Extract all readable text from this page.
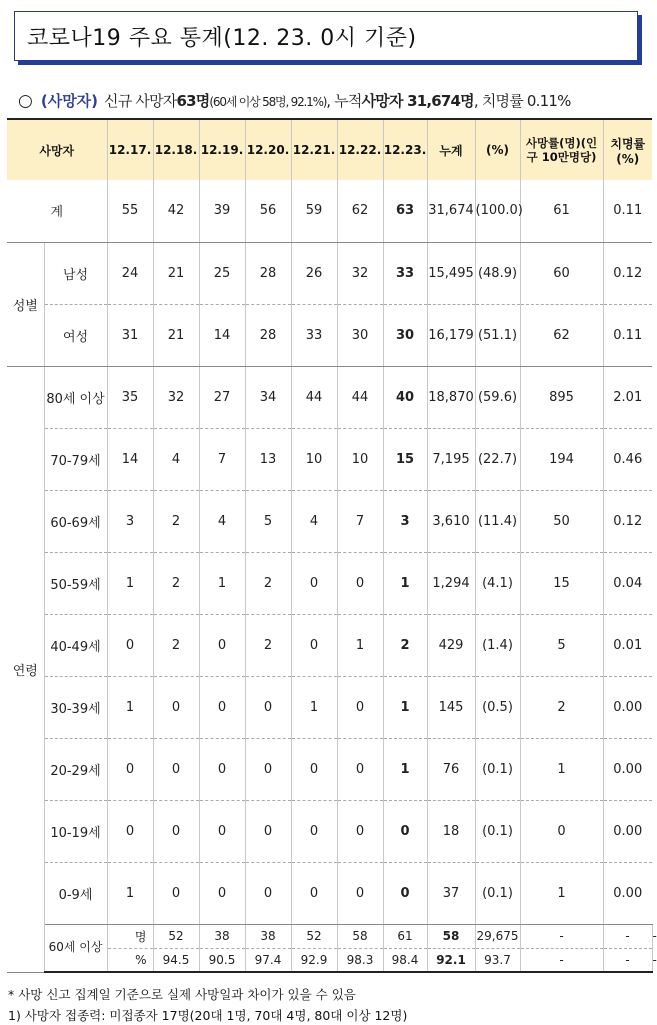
코로나19 주요 통계(12. 23. 0시 기준)
○ (사망자) 신규 사망자 63명 (60세 이상 58명, 92.1%) , 누적 사망자 31,674명 , 치명률 0.11%
사망자		12.17.	12.18.	12.19.	12.20.	12.21.	12.22.	12.23.	누계	(%)	사망률(명)(인구 10만명당)	치명률(%)	
계		55	42	39	56	59	62	63	31,674	(100.0)	61	0.11	
성별	남성	24	21	25	28	26	32	33	15,495	(48.9)	60	0.12	
	여성	31	21	14	28	33	30	30	16,179	(51.1)	62	0.11	
연령	80세 이상	35	32	27	34	44	44	40	18,870	(59.6)	895	2.01	
	70-79세	14	4	7	13	10	10	15	7,195	(22.7)	194	0.46	
	60-69세	3	2	4	5	4	7	3	3,610	(11.4)	50	0.12	
	50-59세	1	2	1	2	0	0	1	1,294	(4.1)	15	0.04	
	40-49세	0	2	0	2	0	1	2	429	(1.4)	5	0.01	
	30-39세	1	0	0	0	1	0	1	145	(0.5)	2	0.00	
	20-29세	0	0	0	0	0	0	1	76	(0.1)	1	0.00	
	10-19세	0	0	0	0	0	0	0	18	(0.1)	0	0.00	
	0-9세	1	0	0	0	0	0	0	37	(0.1)	1	0.00	
	60세 이상	명	52	38	38	52	58	61	58	29,675	-	-	-
		%	94.5	90.5	97.4	92.9	98.3	98.4	92.1	93.7	-	-	-
* 사망 신고 집계일 기준으로 실제 사망일과 차이가 있을 수 있음
1) 사망자 접종력: 미접종자 17명(20대 1명, 70대 4명, 80대 이상 12명)
